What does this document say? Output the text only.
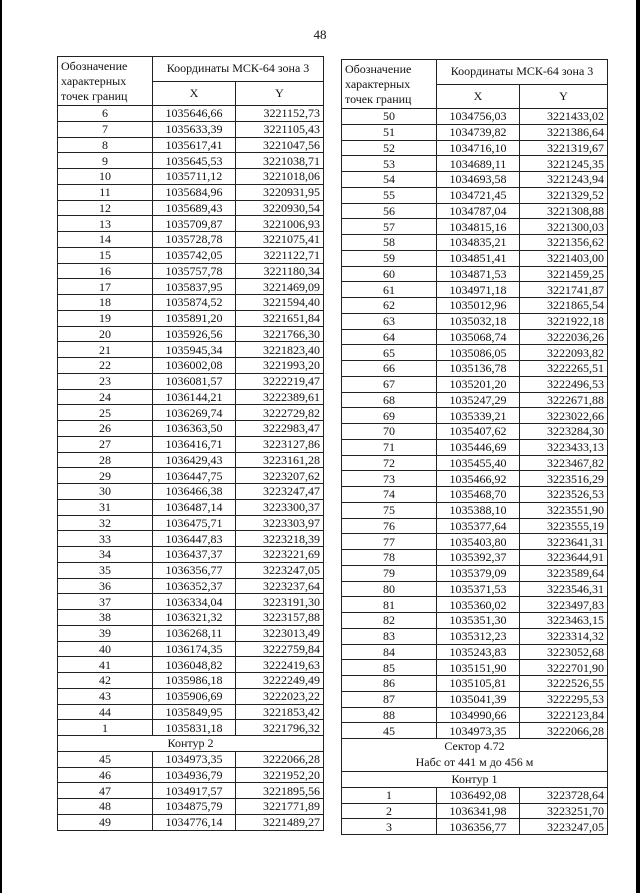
48
Обозначение характерных точек границ	Координаты МСК-64 зона 3	
	X	Y
6	1035646,66	3221152,73
7	1035633,39	3221105,43
8	1035617,41	3221047,56
9	1035645,53	3221038,71
10	1035711,12	3221018,06
11	1035684,96	3220931,95
12	1035689,43	3220930,54
13	1035709,87	3221006,93
14	1035728,78	3221075,41
15	1035742,05	3221122,71
16	1035757,78	3221180,34
17	1035837,95	3221469,09
18	1035874,52	3221594,40
19	1035891,20	3221651,84
20	1035926,56	3221766,30
21	1035945,34	3221823,40
22	1036002,08	3221993,20
23	1036081,57	3222219,47
24	1036144,21	3222389,61
25	1036269,74	3222729,82
26	1036363,50	3222983,47
27	1036416,71	3223127,86
28	1036429,43	3223161,28
29	1036447,75	3223207,62
30	1036466,38	3223247,47
31	1036487,14	3223300,37
32	1036475,71	3223303,97
33	1036447,83	3223218,39
34	1036437,37	3223221,69
35	1036356,77	3223247,05
36	1036352,37	3223237,64
37	1036334,04	3223191,30
38	1036321,32	3223157,88
39	1036268,11	3223013,49
40	1036174,35	3222759,84
41	1036048,82	3222419,63
42	1035986,18	3222249,49
43	1035906,69	3222023,22
44	1035849,95	3221853,42
1	1035831,18	3221796,32
Контур 2		
45	1034973,35	3222066,28
46	1034936,79	3221952,20
47	1034917,57	3221895,56
48	1034875,79	3221771,89
49	1034776,14	3221489,27
Обозначение характерных точек границ	Координаты МСК-64 зона 3	
	X	Y
50	1034756,03	3221433,02
51	1034739,82	3221386,64
52	1034716,10	3221319,67
53	1034689,11	3221245,35
54	1034693,58	3221243,94
55	1034721,45	3221329,52
56	1034787,04	3221308,88
57	1034815,16	3221300,03
58	1034835,21	3221356,62
59	1034851,41	3221403,00
60	1034871,53	3221459,25
61	1034971,18	3221741,87
62	1035012,96	3221865,54
63	1035032,18	3221922,18
64	1035068,74	3222036,26
65	1035086,05	3222093,82
66	1035136,78	3222265,51
67	1035201,20	3222496,53
68	1035247,29	3222671,88
69	1035339,21	3223022,66
70	1035407,62	3223284,30
71	1035446,69	3223433,13
72	1035455,40	3223467,82
73	1035466,92	3223516,29
74	1035468,70	3223526,53
75	1035388,10	3223551,90
76	1035377,64	3223555,19
77	1035403,80	3223641,31
78	1035392,37	3223644,91
79	1035379,09	3223589,64
80	1035371,53	3223546,31
81	1035360,02	3223497,83
82	1035351,30	3223463,15
83	1035312,23	3223314,32
84	1035243,83	3223052,68
85	1035151,90	3222701,90
86	1035105,81	3222526,55
87	1035041,39	3222295,53
88	1034990,66	3222123,84
45	1034973,35	3222066,28

Сектор 4.72
Набс от 441 м до 456 м		

Контур 1		
1	1036492,08	3223728,64
2	1036341,98	3223251,70
3	1036356,77	3223247,05
